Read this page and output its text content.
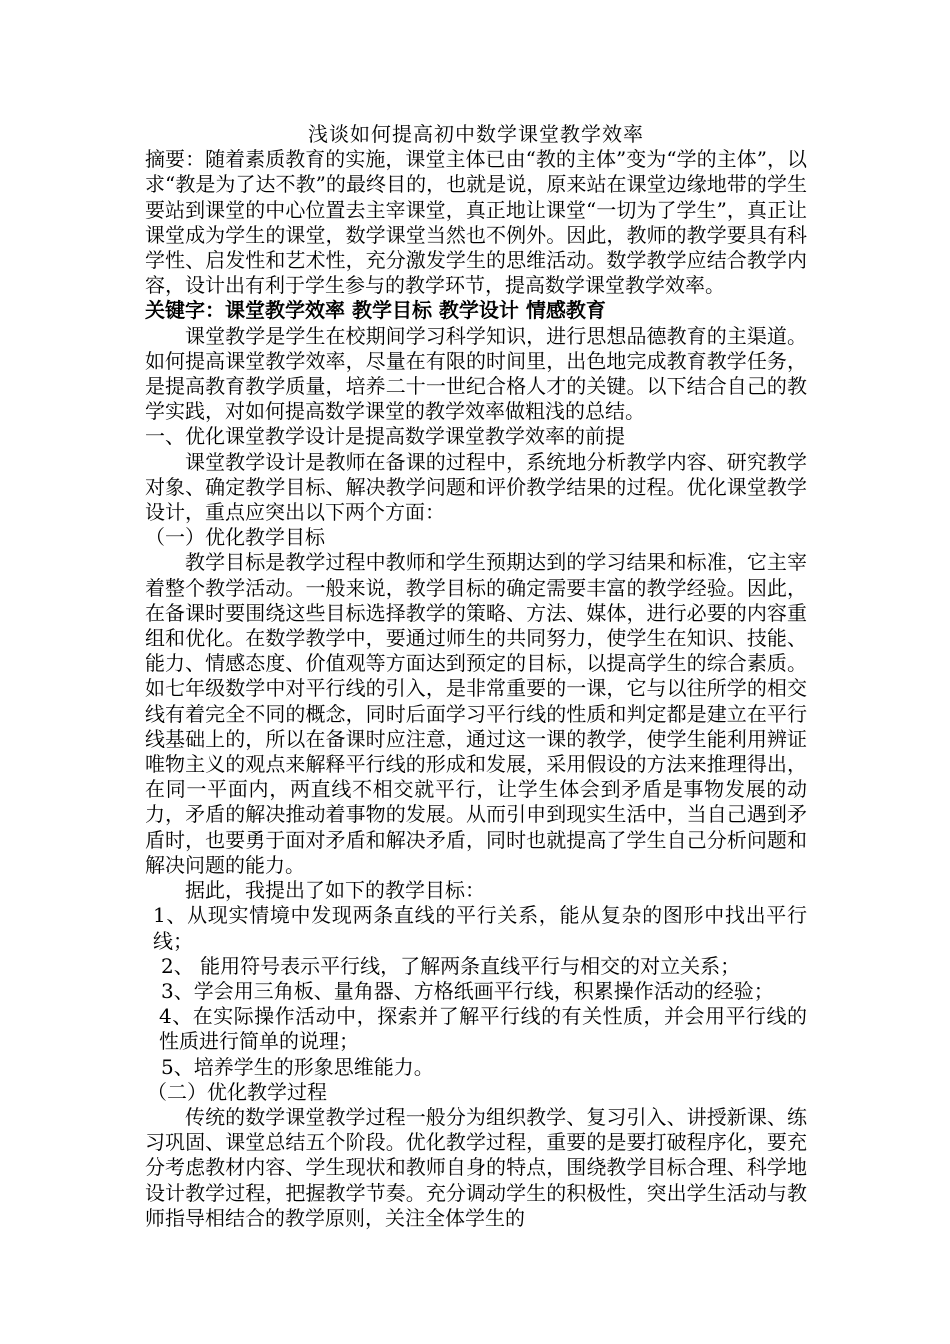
浅谈如何提高初中数学课堂教学效率

摘要：随着素质教育的实施，课堂主体已由“教的主体”变为“学的主体”，以求“教是为了达不教”的最终目的，也就是说，原来站在课堂边缘地带的学生要站到课堂的中心位置去主宰课堂，真正地让课堂“一切为了学生”，真正让课堂成为学生的课堂，数学课堂当然也不例外。因此，教师的教学要具有科学性、启发性和艺术性，充分激发学生的思维活动。数学教学应结合教学内容，设计出有利于学生参与的教学环节，提高数学课堂教学效率。

关键字：课堂教学效率 教学目标 教学设计 情感教育

课堂教学是学生在校期间学习科学知识，进行思想品德教育的主渠道。如何提高课堂教学效率，尽量在有限的时间里，出色地完成教育教学任务，是提高教育教学质量，培养二十一世纪合格人才的关键。以下结合自己的教学实践，对如何提高数学课堂的教学效率做粗浅的总结。

一、优化课堂教学设计是提高数学课堂教学效率的前提

课堂教学设计是教师在备课的过程中，系统地分析教学内容、研究教学对象、确定教学目标、解决教学问题和评价教学结果的过程。优化课堂教学设计，重点应突出以下两个方面：

（一）优化教学目标

教学目标是教学过程中教师和学生预期达到的学习结果和标准，它主宰着整个教学活动。一般来说，教学目标的确定需要丰富的教学经验。因此，在备课时要围绕这些目标选择教学的策略、方法、媒体，进行必要的内容重组和优化。在数学教学中，要通过师生的共同努力，使学生在知识、技能、能力、情感态度、价值观等方面达到预定的目标，以提高学生的综合素质。如七年级数学中对平行线的引入，是非常重要的一课，它与以往所学的相交线有着完全不同的概念，同时后面学习平行线的性质和判定都是建立在平行线基础上的，所以在备课时应注意，通过这一课的教学，使学生能利用辨证唯物主义的观点来解释平行线的形成和发展，采用假设的方法来推理得出，在同一平面内，两直线不相交就平行，让学生体会到矛盾是事物发展的动力，矛盾的解决推动着事物的发展。从而引申到现实生活中，当自己遇到矛盾时，也要勇于面对矛盾和解决矛盾，同时也就提高了学生自己分析问题和解决问题的能力。

据此，我提出了如下的教学目标：

1、从现实情境中发现两条直线的平行关系，能从复杂的图形中找出平行线；

2、 能用符号表示平行线，了解两条直线平行与相交的对立关系；

3、学会用三角板、量角器、方格纸画平行线，积累操作活动的经验；

4、在实际操作活动中，探索并了解平行线的有关性质，并会用平行线的性质进行简单的说理；

5、培养学生的形象思维能力。

（二）优化教学过程

传统的数学课堂教学过程一般分为组织教学、复习引入、讲授新课、练习巩固、课堂总结五个阶段。优化教学过程，重要的是要打破程序化，要充分考虑教材内容、学生现状和教师自身的特点，围绕教学目标合理、科学地设计教学过程，把握教学节奏。充分调动学生的积极性，突出学生活动与教师指导相结合的教学原则，关注全体学生的
